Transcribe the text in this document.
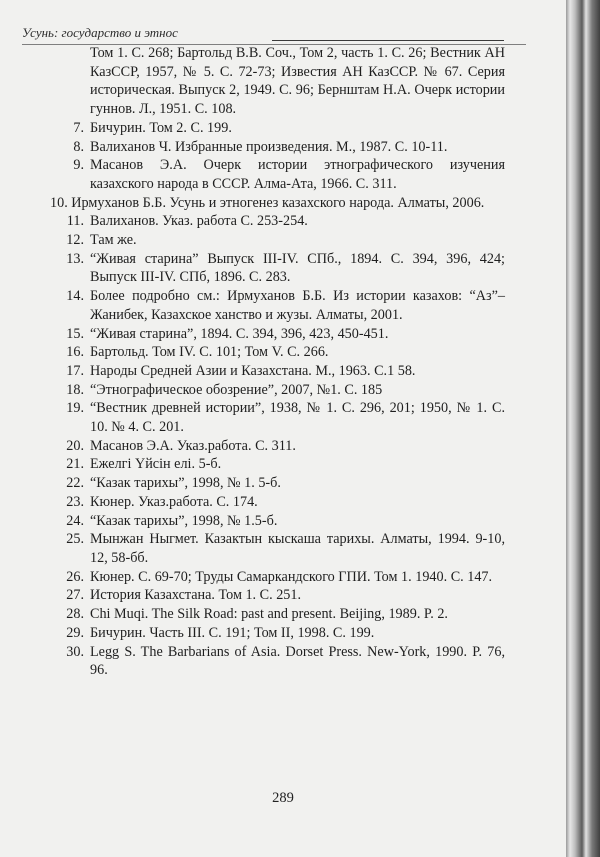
Усунь: государство и этнос
Том 1. С. 268; Бартольд В.В. Соч., Том 2, часть 1. С. 26; Вестник АН КазССР, 1957, № 5. С. 72-73; Известия АН КазССР. № 67. Серия историческая. Выпуск 2, 1949. С. 96; Бернштам Н.А. Очерк истории гуннов. Л., 1951. С. 108.
7. Бичурин. Том 2. С. 199.
8. Валиханов Ч. Избранные произведения. М., 1987. С. 10-11.
9. Масанов Э.А. Очерк истории этнографического изучения казахского народа в СССР. Алма-Ата, 1966. С. 311.
10. Ирмуханов Б.Б. Усунь и этногенез казахского народа. Алматы, 2006.
11. Валиханов. Указ. работа С. 253-254.
12. Там же.
13. “Живая старина” Выпуск III-IV. СПб., 1894. С. 394, 396, 424; Выпуск III-IV. СПб, 1896. С. 283.
14. Более подробно см.: Ирмуханов Б.Б. Из истории казахов: “Аз”– Жанибек, Казахское ханство и жузы. Алматы, 2001.
15. “Живая старина”, 1894. С. 394, 396, 423, 450-451.
16. Бартольд. Том IV. С. 101; Том V. С. 266.
17. Народы Средней Азии и Казахстана. М., 1963. С.1 58.
18. “Этнографическое обозрение”, 2007, №1. С. 185
19. “Вестник древней истории”, 1938, № 1. С. 296, 201; 1950, № 1. С. 10. № 4. С. 201.
20. Масанов Э.А. Указ.работа. С. 311.
21. Ежелгі Үйсін елі. 5-б.
22. “Казак тарихы”, 1998, № 1. 5-б.
23. Кюнер. Указ.работа. С. 174.
24. “Казак тарихы”, 1998, № 1.5-б.
25. Мынжан Ныгмет. Казактын кыскаша тарихы. Алматы, 1994. 9-10, 12, 58-бб.
26. Кюнер. С. 69-70; Труды Самаркандского ГПИ. Том 1. 1940. С. 147.
27. История Казахстана. Том 1. С. 251.
28. Chi Muqi. The Silk Road: past and present. Beijing, 1989. P. 2.
29. Бичурин. Часть III. С. 191; Том II, 1998. С. 199.
30. Legg S. The Barbarians of Asia. Dorset Press. New-York, 1990. P. 76, 96.
289
